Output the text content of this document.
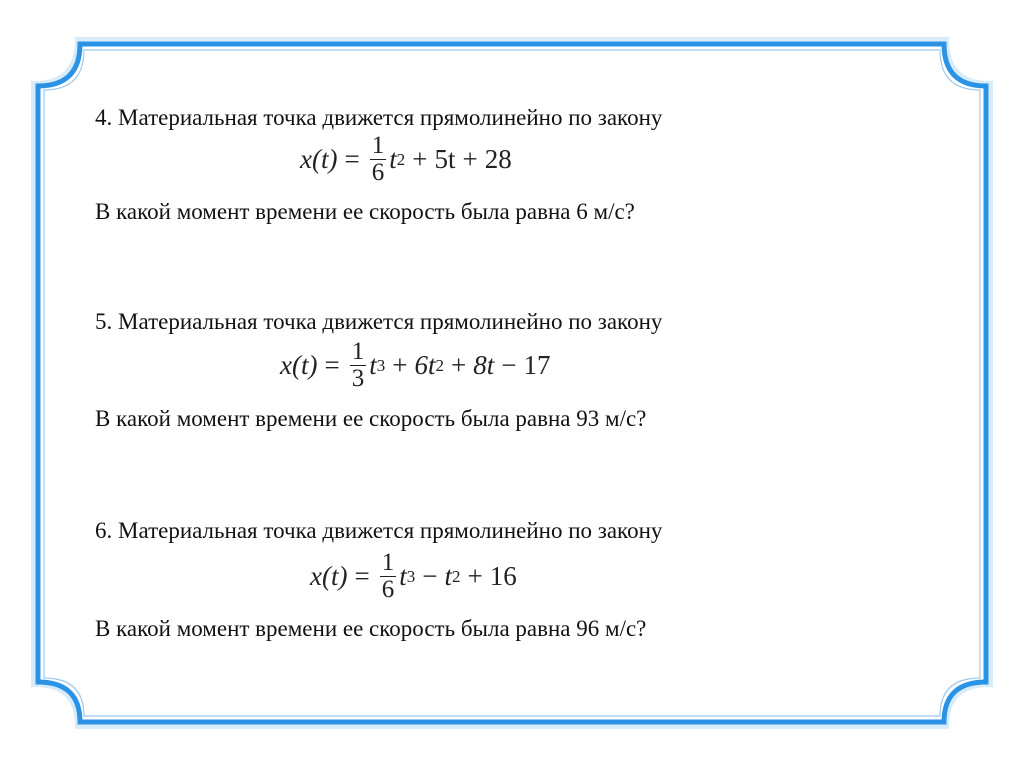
4. Материальная точка движется прямолинейно по закону
$x(t) = \frac{1}{6}$ t 2 + 5t + 28
В какой момент времени ее скорость была равна 6 м/с?
5. Материальная точка движется прямолинейно по закону
$x(t) = \frac{1}{3}$ t 3 + 6t 2 + 8t − 17
В какой момент времени ее скорость была равна 93 м/с?
6. Материальная точка движется прямолинейно по закону
$x(t) = \frac{1}{6}$ t 3 − t 2 + 16
В какой момент времени ее скорость была равна 96 м/с?
